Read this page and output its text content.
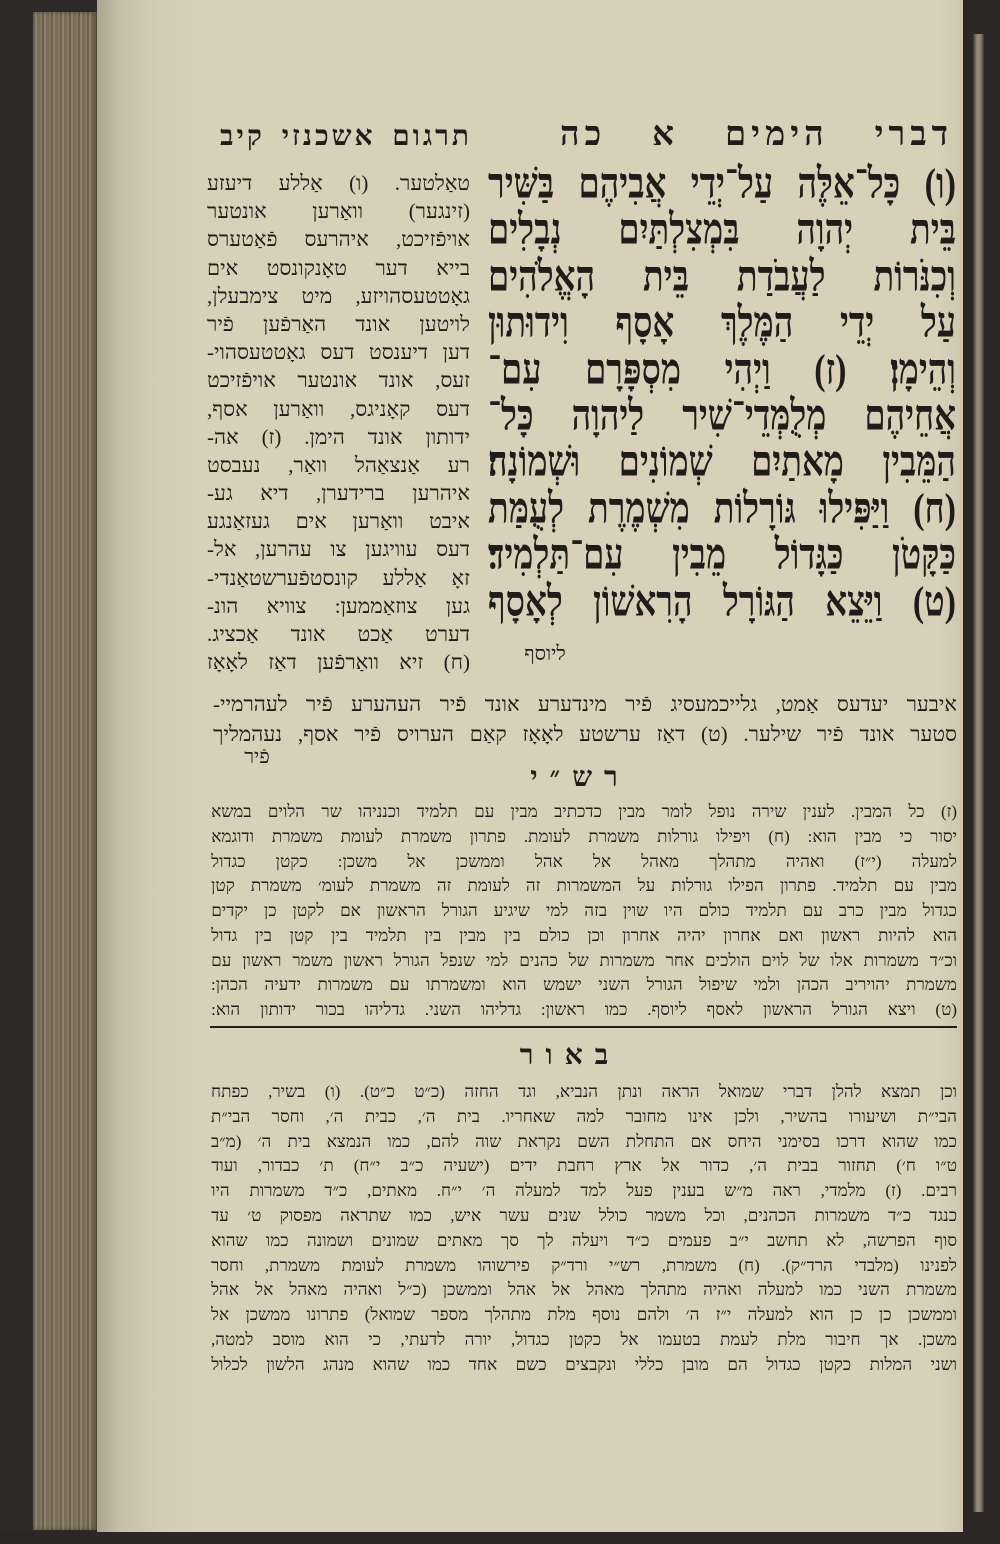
דברי
הימים
א
כה
תרגום
אשכנזי
קיב
(ו)
כָּל־אֵלֶּה
עַל־יְדֵי
אֲבִיהֶם
בַּשִּׁיר
בֵּית
יְהוָה
בִּמְצִלְתַּיִם
נְבָלִים
וְכִנֹּרוֹת
לַעֲבֹדַת
בֵּית
הָאֱלֹהִים
עַל
יְדֵי
הַמֶּלֶךְ
אָסָף
וִידוּתוּן
וְהֵימָן׃
(ז)
וַיְהִי
מִסְפָּרָם
עִם־
אֲחֵיהֶם
מְלֻמְּדֵי־שִׁיר
לַיהוָה
כָּל־
הַמֵּבִין
מָאתַיִם
שְׁמוֹנִים
וּשְׁמוֹנָה׃
(ח)
וַיַּפִּילוּ
גּוֹרָלוֹת
מִשְׁמֶרֶת
לְעֻמַּת
כַּקָּטֹן
כַּגָּדוֹל
מֵבִין
עִם־תַּלְמִיד׃
(ט)
וַיֵּצֵא
הַגּוֹרָל
הָרִאשׁוֹן
לְאָסָף
ליוסף
טאַלטער.
(ו)
אַללע
דיעזע
(זינגער)
וואַרען
אונטער
אויפֿזיכט,
איהרעס
פֿאַטערס
בייא
דער
טאָנקונסט
אים
גאָטטעסהויזע,
מיט
צימבעלן,
לויטען
אונד
האַרפֿען
פֿיר
דען
דיענסט
דעס
גאָטטעסהוי-
זעס,
אונד
אונטער
אויפֿזיכט
דעס
קאָניגס,
וואַרען
אסף,
ידותון
אונד
הימן.
(ז)
אה-
רע
אַנצאַהל
וואַר,
נעבסט
איהרען
ברידערן,
דיא
גע-
איבט
וואַרען
אים
געזאַנגע
דעס
עוויגען
צו
עהרען,
אל-
זאָ
אַללע
קונסטפֿערשטאַנדי-
גען
צוזאַממען:
צוויא
הונ-
דערט
אַכט
אונד
אַכציג.
(ח)
זיא
וואַרפֿען
דאַז
לאָאָז
איבער
יעדעס
אַמט,
גלייכמעסיג
פֿיר
מינדערע
אונד
פֿיר
העהערע
פֿיר
לעהרמיי-
סטער
אונד
פֿיר
שילער.
(ט)
דאַז
ערשטע
לאָאָז
קאַם
הערויס
פֿיר
אסף,
נעהמליך
פֿיר
רש״י
(ז)
כל
המבין.
לענין
שירה
נופל
לומר
מבין
כדכתיב
מבין
עם
תלמיד
וכנניהו
שר
הלוים
במשא
יסור
כי
מבין
הוא:
(ח)
ויפילו
גורלות
משמרת
לעומת.
פתרון
משמרת
לעומת
משמרת
ודוגמא
למעלה
(י״ז)
ואהיה
מתהלך
מאהל
אל
אהל
וממשכן
אל
משכן:
כקטן
כגדול
מבין
עם
תלמיד.
פתרון
הפילו
גורלות
על
המשמרות
זה
לעומת
זה
משמרת
לעומ׳
משמרת
קטן
כגדול
מבין
כרב
עם
תלמיד
כולם
היו
שוין
בזה
למי
שיגיע
הגורל
הראשון
אם
לקטן
כן
יקדים
הוא
להיות
ראשון
ואם
אחרון
יהיה
אחרון
וכן
כולם
בין
מבין
בין
תלמיד
בין
קטן
בין
גדול
וכ״ד
משמרות
אלו
של
לוים
הולכים
אחר
משמרות
של
כהנים
למי
שנפל
הגורל
ראשון
משמר
ראשון
עם
משמרת
יהויריב
הכהן
ולמי
שיפול
הגורל
השני
ישמש
הוא
ומשמרתו
עם
משמרות
ידעיה
הכהן:
(ט)
ויצא
הגורל
הראשון
לאסף
ליוסף.
כמו
ראשון:
גדליהו
השני.
גדליהו
בכור
ידותון
הוא:
באור
וכן
תמצא
להלן
דברי
שמואל
הראה
ונתן
הנביא,
וגד
החזה
(כ״ט
כ״ט).
(ו)
בשיר,
כפתח
הבי״ת
ושיעורו
בהשיר,
ולכן
אינו
מחובר
למה
שאחריו.
בית
ה׳,
כבית
ה׳,
וחסר
הבי״ת
כמו
שהוא
דרכו
בסימני
היחס
אם
התחלת
השם
נקראת
שוה
להם,
כמו
הנמצא
בית
ה׳
(מ״ב
ט״ו
ח׳)
תחזור
בבית
ה׳,
כדור
אל
ארץ
רחבת
ידים
(ישעיה
כ״ב
י״ח)
ת׳
כבדור,
ועוד
רבים.
(ז)
מלמדי,
ראה
מ״ש
בענין
פעל
למד
למעלה
ה׳
י״ח.
מאתים,
כ״ד
משמרות
היו
כנגד
כ״ד
משמרות
הכהנים,
וכל
משמר
כולל
שנים
עשר
איש,
כמו
שתראה
מפסוק
ט׳
עד
סוף
הפרשה,
לא
תחשב
י״ב
פעמים
כ״ד
ויעלה
לך
סך
מאתים
שמונים
ושמונה
כמו
שהוא
לפנינו
(מלבדי
הרד״ק).
(ח)
משמרת,
רש״י
ורד״ק
פירשוהו
משמרת
לעומת
משמרת,
וחסר
משמרת
השני
כמו
למעלה
ואהיה
מתהלך
מאהל
אל
אהל
וממשכן
(כ״ל
ואהיה
מאהל
אל
אהל
וממשכן
כן
כן
הוא
למעלה
י״ז
ה׳
ולהם
נוסף
מלת
מתהלך
מספר
שמואל)
פתרונו
ממשכן
אל
משכן.
אך
חיבור
מלת
לעמת
בטעמו
אל
כקטן
כגדול,
יורה
לדעתי,
כי
הוא
מוסב
למטה,
ושני
המלות
כקטן
כגדול
הם
מובן
כללי
ונקבצים
כשם
אחד
כמו
שהוא
מנהג
הלשון
לכלול
